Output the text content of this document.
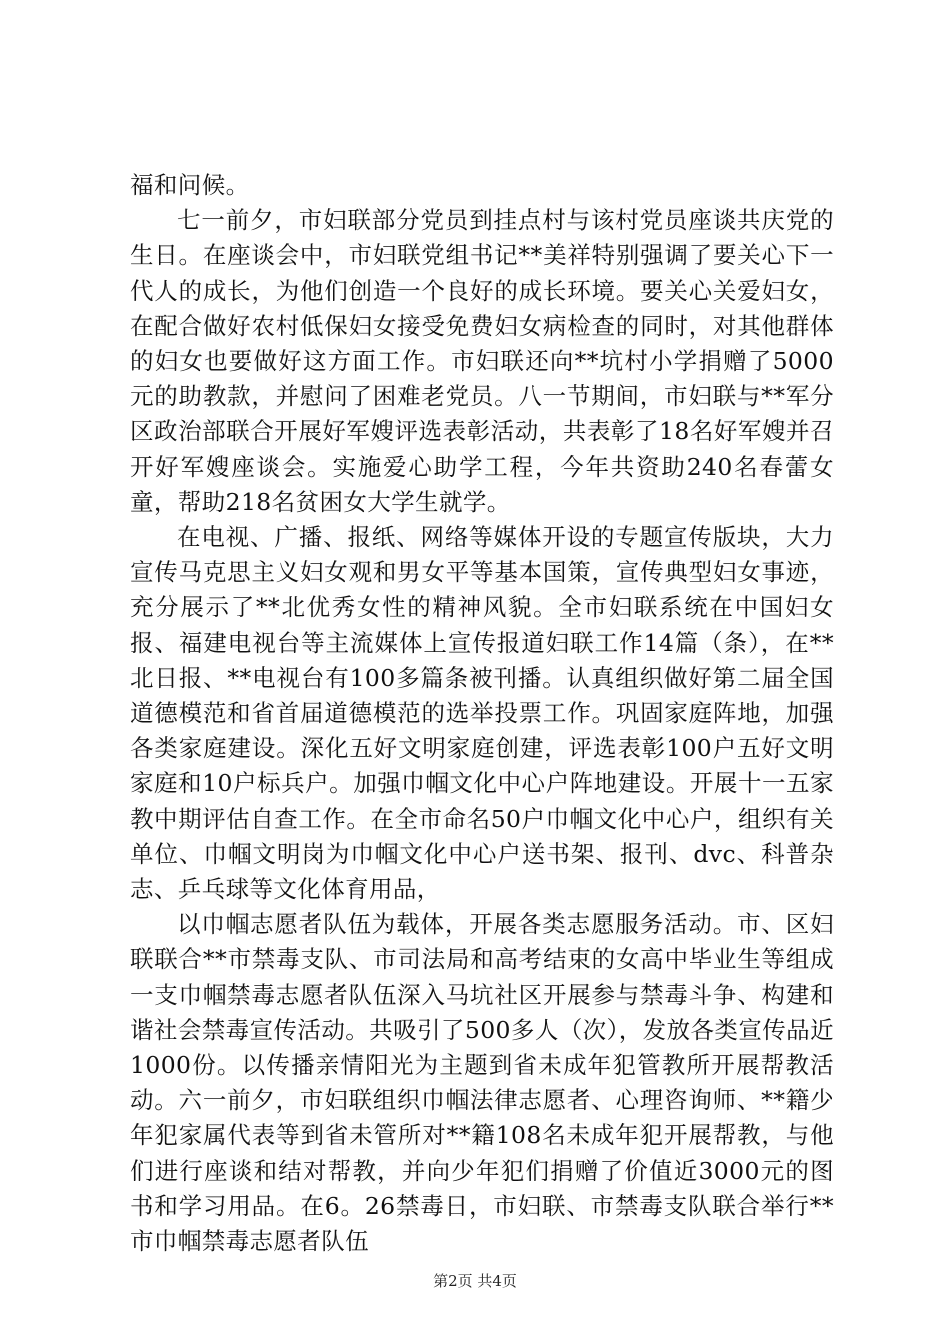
福和问候。

七一前夕，市妇联部分党员到挂点村与该村党员座谈共庆党的生日。在座谈会中，市妇联党组书记**美祥特别强调了要关心下一代人的成长，为他们创造一个良好的成长环境。要关心关爱妇女，在配合做好农村低保妇女接受免费妇女病检查的同时，对其他群体的妇女也要做好这方面工作。市妇联还向**坑村小学捐赠了5000元的助教款，并慰问了困难老党员。八一节期间，市妇联与**军分区政治部联合开展好军嫂评选表彰活动，共表彰了18名好军嫂并召开好军嫂座谈会。实施爱心助学工程，今年共资助240名春蕾女童，帮助218名贫困女大学生就学。

在电视、广播、报纸、网络等媒体开设的专题宣传版块，大力宣传马克思主义妇女观和男女平等基本国策，宣传典型妇女事迹，充分展示了**北优秀女性的精神风貌。全市妇联系统在中国妇女报、福建电视台等主流媒体上宣传报道妇联工作14篇（条），在**北日报、**电视台有100多篇条被刊播。认真组织做好第二届全国道德模范和省首届道德模范的选举投票工作。巩固家庭阵地，加强各类家庭建设。深化五好文明家庭创建，评选表彰100户五好文明家庭和10户标兵户。加强巾帼文化中心户阵地建设。开展十一五家教中期评估自查工作。在全市命名50户巾帼文化中心户，组织有关单位、巾帼文明岗为巾帼文化中心户送书架、报刊、dvc、科普杂志、乒乓球等文化体育用品，

以巾帼志愿者队伍为载体，开展各类志愿服务活动。市、区妇联联合**市禁毒支队、市司法局和高考结束的女高中毕业生等组成一支巾帼禁毒志愿者队伍深入马坑社区开展参与禁毒斗争、构建和谐社会禁毒宣传活动。共吸引了500多人（次），发放各类宣传品近1000份。以传播亲情阳光为主题到省未成年犯管教所开展帮教活动。六一前夕，市妇联组织巾帼法律志愿者、心理咨询师、**籍少年犯家属代表等到省未管所对**籍108名未成年犯开展帮教，与他们进行座谈和结对帮教，并向少年犯们捐赠了价值近3000元的图书和学习用品。在6。26禁毒日，市妇联、市禁毒支队联合举行**市巾帼禁毒志愿者队伍

第2页 共4页
